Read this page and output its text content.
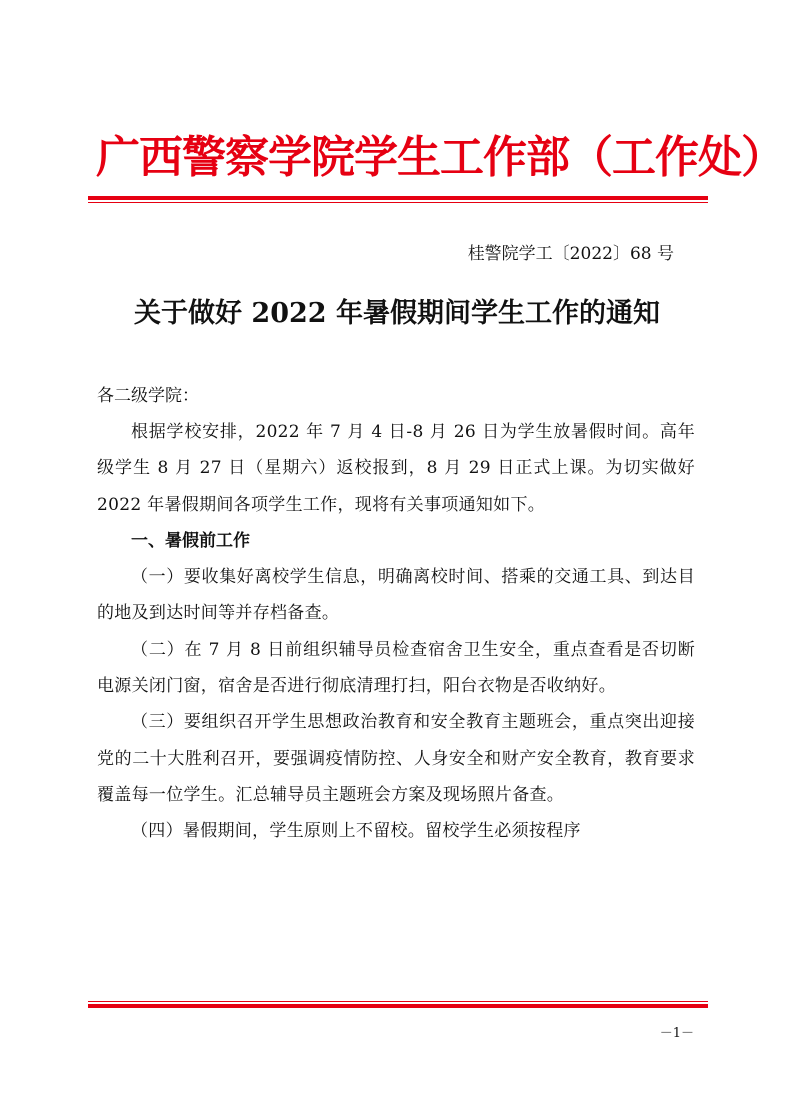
广西警察学院学生工作部（工作处）
桂警院学工〔2022〕68 号
关于做好 2022 年暑假期间学生工作的通知
各二级学院：

根据学校安排，2022 年 7 月 4 日-8 月 26 日为学生放暑假时间。高年级学生 8 月 27 日（星期六）返校报到，8 月 29 日正式上课。为切实做好 2022 年暑假期间各项学生工作，现将有关事项通知如下。

一、暑假前工作

（一）要收集好离校学生信息，明确离校时间、搭乘的交通工具、到达目的地及到达时间等并存档备查。

（二）在 7 月 8 日前组织辅导员检查宿舍卫生安全，重点查看是否切断电源关闭门窗，宿舍是否进行彻底清理打扫，阳台衣物是否收纳好。

（三）要组织召开学生思想政治教育和安全教育主题班会，重点突出迎接党的二十大胜利召开，要强调疫情防控、人身安全和财产安全教育，教育要求覆盖每一位学生。汇总辅导员主题班会方案及现场照片备查。

（四）暑假期间，学生原则上不留校。留校学生必须按程序

－1－
